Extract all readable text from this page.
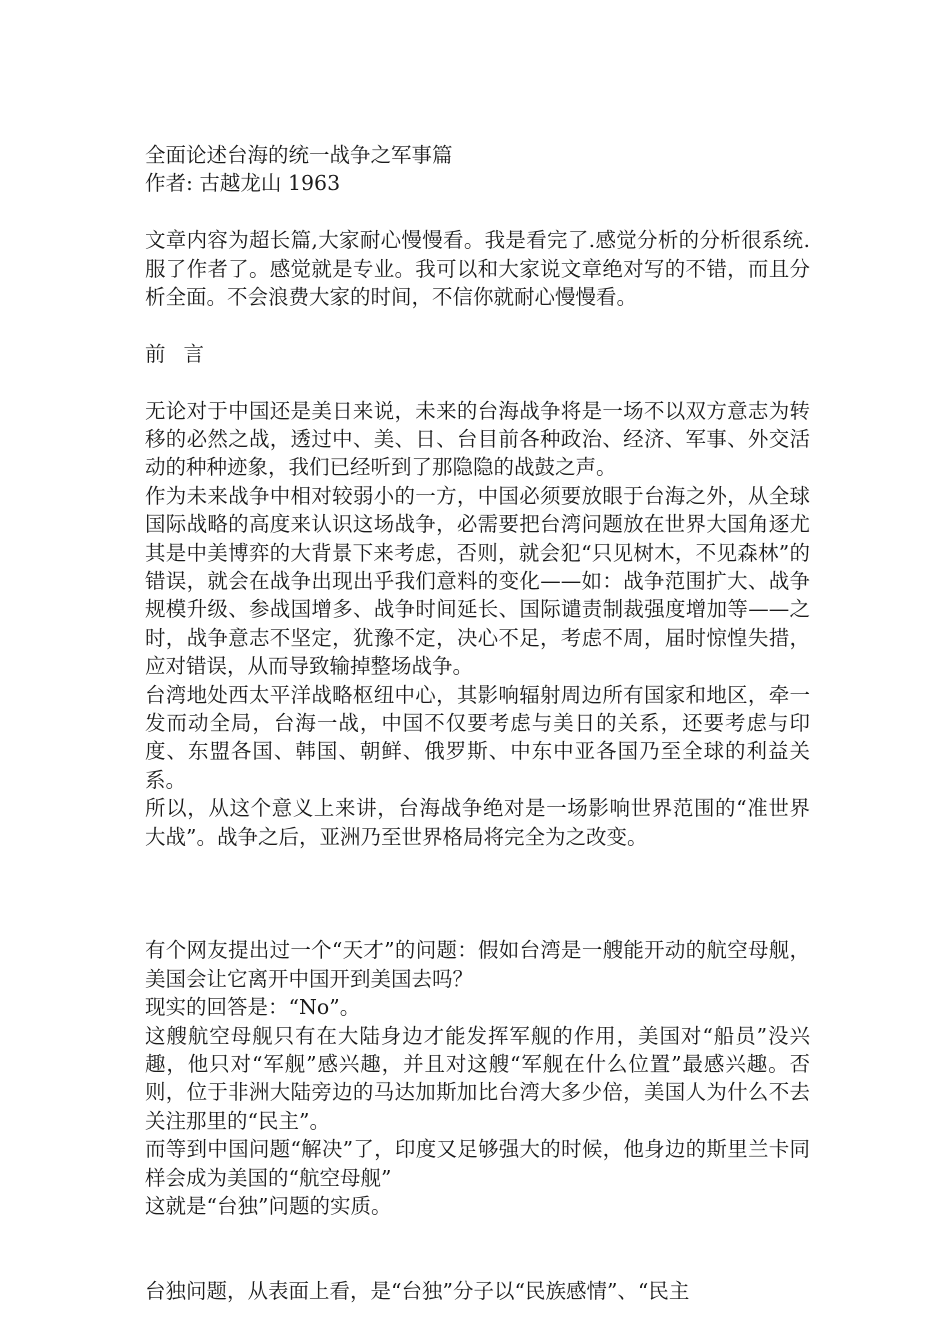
全面论述台海的统一战争之军事篇

作者: 古越龙山 1963

文章内容为超长篇,大家耐心慢慢看。我是看完了.感觉分析的分析很系统.服了作者了。感觉就是专业。我可以和大家说文章绝对写的不错，而且分析全面。不会浪费大家的时间，不信你就耐心慢慢看。

前 言

无论对于中国还是美日来说，未来的台海战争将是一场不以双方意志为转移的必然之战，透过中、美、日、台目前各种政治、经济、军事、外交活动的种种迹象，我们已经听到了那隐隐的战鼓之声。

作为未来战争中相对较弱小的一方，中国必须要放眼于台海之外，从全球国际战略的高度来认识这场战争，必需要把台湾问题放在世界大国角逐尤其是中美博弈的大背景下来考虑，否则，就会犯“只见树木，不见森林”的错误，就会在战争出现出乎我们意料的变化——如：战争范围扩大、战争规模升级、参战国增多、战争时间延长、国际谴责制裁强度增加等——之时，战争意志不坚定，犹豫不定，决心不足，考虑不周，届时惊惶失措，应对错误，从而导致输掉整场战争。

台湾地处西太平洋战略枢纽中心，其影响辐射周边所有国家和地区，牵一发而动全局，台海一战，中国不仅要考虑与美日的关系，还要考虑与印度、东盟各国、韩国、朝鲜、俄罗斯、中东中亚各国乃至全球的利益关系。

所以，从这个意义上来讲，台海战争绝对是一场影响世界范围的“准世界大战”。战争之后，亚洲乃至世界格局将完全为之改变。

有个网友提出过一个“天才”的问题：假如台湾是一艘能开动的航空母舰，美国会让它离开中国开到美国去吗？

现实的回答是：“No”。

这艘航空母舰只有在大陆身边才能发挥军舰的作用，美国对“船员”没兴趣，他只对“军舰”感兴趣，并且对这艘“军舰在什么位置”最感兴趣。否则，位于非洲大陆旁边的马达加斯加比台湾大多少倍，美国人为什么不去关注那里的“民主”。

而等到中国问题“解决”了，印度又足够强大的时候，他身边的斯里兰卡同样会成为美国的“航空母舰”

这就是“台独”问题的实质。

台独问题，从表面上看，是“台独”分子以“民族感情”、“民主
